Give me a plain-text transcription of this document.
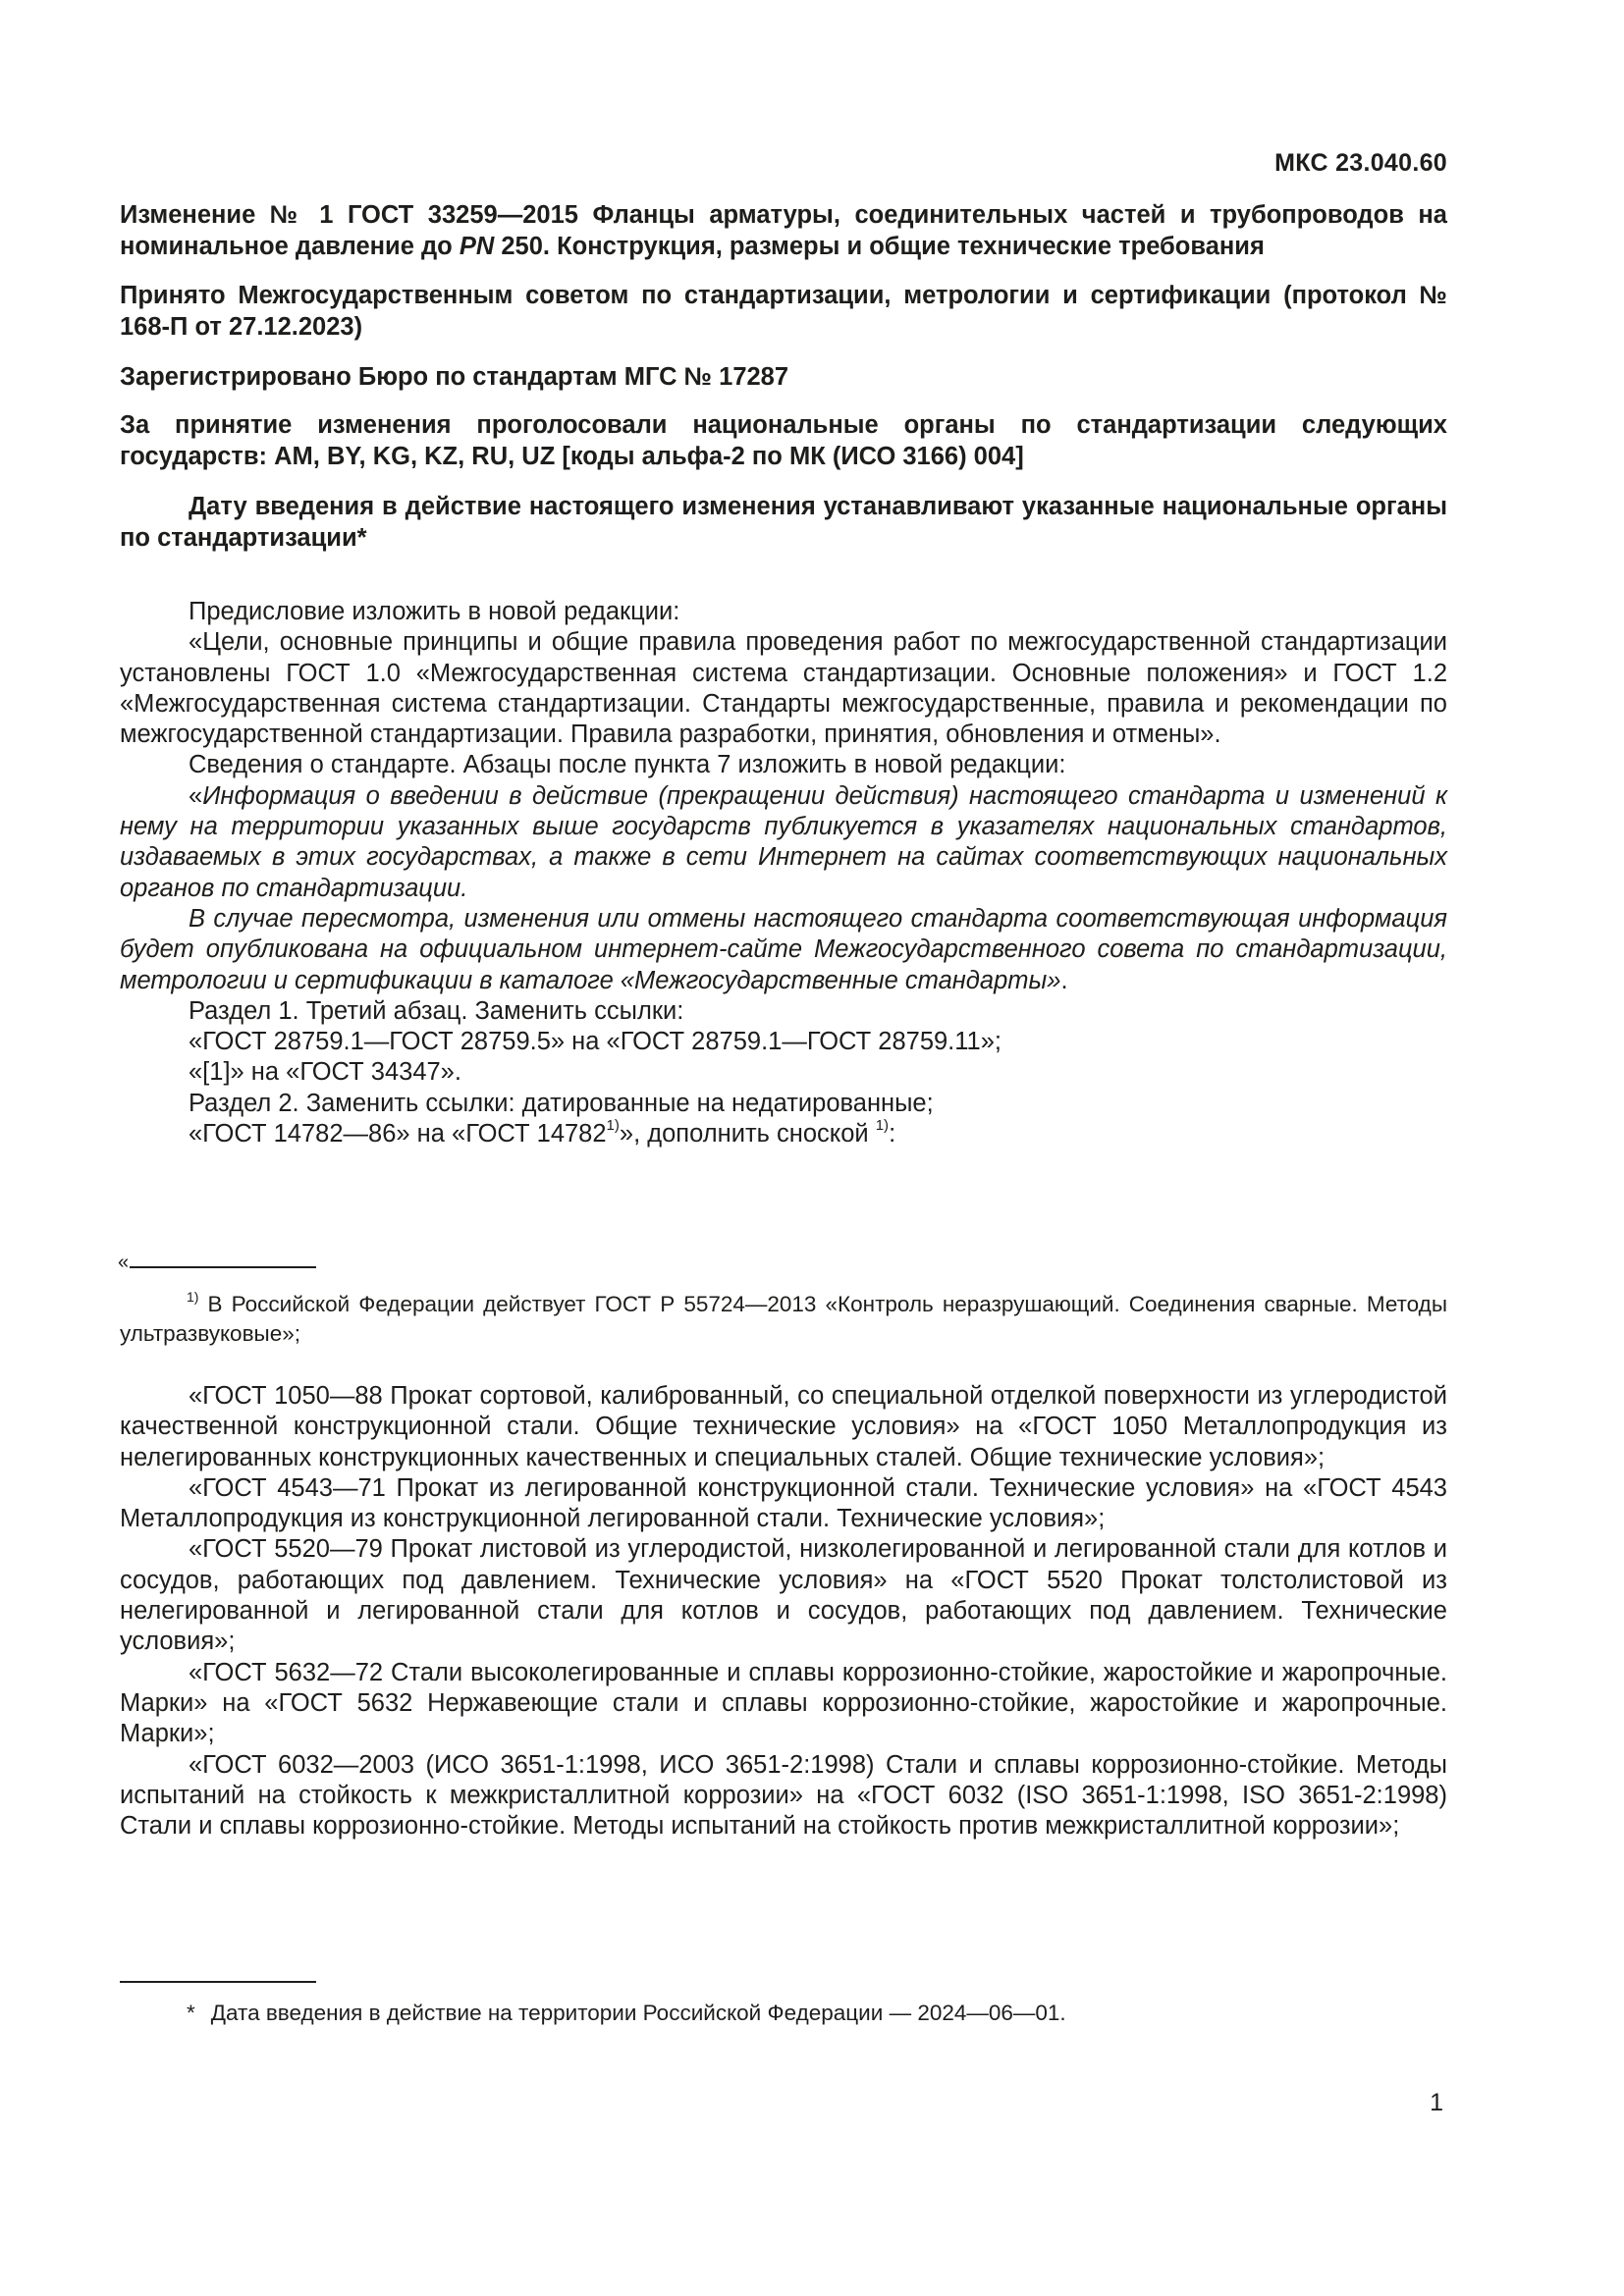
МКС 23.040.60
Изменение № 1 ГОСТ 33259—2015 Фланцы арматуры, соединительных частей и трубопроводов на номинальное давление до PN 250. Конструкция, размеры и общие технические требования
Принято Межгосударственным советом по стандартизации, метрологии и сертификации (протокол № 168-П от 27.12.2023)
Зарегистрировано Бюро по стандартам МГС № 17287
За принятие изменения проголосовали национальные органы по стандартизации следующих государств: AM, BY, KG, KZ, RU, UZ [коды альфа-2 по МК (ИСО 3166) 004]
Дату введения в действие настоящего изменения устанавливают указанные национальные органы по стандартизации*

Предисловие изложить в новой редакции:

«Цели, основные принципы и общие правила проведения работ по межгосударственной стандартизации установлены ГОСТ 1.0 «Межгосударственная система стандартизации. Основные положения» и ГОСТ 1.2 «Межгосударственная система стандартизации. Стандарты межгосударственные, правила и рекомендации по межгосударственной стандартизации. Правила разработки, принятия, обновления и отмены».

Сведения о стандарте. Абзацы после пункта 7 изложить в новой редакции:

«Информация о введении в действие (прекращении действия) настоящего стандарта и изменений к нему на территории указанных выше государств публикуется в указателях национальных стандартов, издаваемых в этих государствах, а также в сети Интернет на сайтах соответствующих национальных органов по стандартизации.

В случае пересмотра, изменения или отмены настоящего стандарта соответствующая информация будет опубликована на официальном интернет-сайте Межгосударственного совета по стандартизации, метрологии и сертификации в каталоге «Межгосударственные стандарты».

Раздел 1. Третий абзац. Заменить ссылки:

«ГОСТ 28759.1—ГОСТ 28759.5» на «ГОСТ 28759.1—ГОСТ 28759.11»;

«[1]» на «ГОСТ 34347».

Раздел 2. Заменить ссылки: датированные на недатированные;

«ГОСТ 14782—86» на «ГОСТ 14782$^{1)}$», дополнить сноской $^{1)}$:

«
$^{1)}$ В Российской Федерации действует ГОСТ Р 55724—2013 «Контроль неразрушающий. Соединения сварные. Методы ультразвуковые»;

«ГОСТ 1050—88 Прокат сортовой, калиброванный, со специальной отделкой поверхности из углеродистой качественной конструкционной стали. Общие технические условия» на «ГОСТ 1050 Металлопродукция из нелегированных конструкционных качественных и специальных сталей. Общие технические условия»;

«ГОСТ 4543—71 Прокат из легированной конструкционной стали. Технические условия» на «ГОСТ 4543 Металлопродукция из конструкционной легированной стали. Технические условия»;

«ГОСТ 5520—79 Прокат листовой из углеродистой, низколегированной и легированной стали для котлов и сосудов, работающих под давлением. Технические условия» на «ГОСТ 5520 Прокат толстолистовой из нелегированной и легированной стали для котлов и сосудов, работающих под давлением. Технические условия»;

«ГОСТ 5632—72 Стали высоколегированные и сплавы коррозионно-стойкие, жаростойкие и жаропрочные. Марки» на «ГОСТ 5632 Нержавеющие стали и сплавы коррозионно-стойкие, жаростойкие и жаропрочные. Марки»;

«ГОСТ 6032—2003 (ИСО 3651-1:1998, ИСО 3651-2:1998) Стали и сплавы коррозионно-стойкие. Методы испытаний на стойкость к межкристаллитной коррозии» на «ГОСТ 6032 (ISO 3651-1:1998, ISO 3651-2:1998) Стали и сплавы коррозионно-стойкие. Методы испытаний на стойкость против межкристаллитной коррозии»;

* Дата введения в действие на территории Российской Федерации — 2024—06—01.
1
